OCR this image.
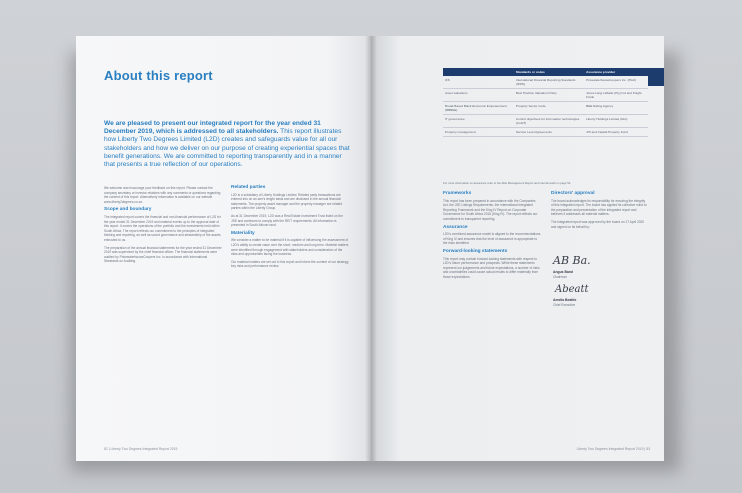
About this report
We are pleased to present our integrated report for the year ended 31 December 2019, which is addressed to all stakeholders. This report illustrates how Liberty Two Degrees Limited (L2D) creates and safeguards value for all our stakeholders and how we deliver on our purpose of creating experiential spaces that benefit generations. We are committed to reporting transparently and in a manner that presents a true reflection of our operations.

We welcome and encourage your feedback on this report. Please contact the company secretary or investor relations with any comments or questions regarding the content of this report. Alternatively information is available on our website www.liberty2degrees.co.za.

Scope and boundary

The integrated report covers the financial and non-financial performance of L2D for the year ended 31 December 2019 and material events up to the approval date of this report. It covers the operations of the portfolio and the investments held within South Africa. The report reflects our commitment to the principles of integrated thinking and reporting, as well as sound governance and stewardship of the assets entrusted to us.

The preparation of the annual financial statements for the year ended 31 December 2019 was supervised by the chief financial officer. The financial statements were audited by PricewaterhouseCoopers Inc. in accordance with International Standards on Auditing.

Related parties

L2D is a subsidiary of Liberty Holdings Limited. Related party transactions are entered into on an arm's length basis and are disclosed in the annual financial statements. The property asset manager and the property manager are related parties within the Liberty Group.

As at 31 December 2019, L2D was a Real Estate Investment Trust listed on the JSE and continues to comply with the REIT requirements. All information is presented in South African rand.

Materiality

We consider a matter to be material if it is capable of influencing the assessment of L2D's ability to create value over the short, medium and long term. Material matters were identified through engagement with stakeholders and consideration of the risks and opportunities facing the business.

Our material matters are set out in this report and inform the content of our strategy, key risks and performance review.

82 | Liberty Two Degrees Integrated Report 2019
	Standards or codes	Assurance provider
IFS	International Financial Reporting Standards (IFRS)	PricewaterhouseCoopers Inc. (PwC)
Asset valuations	Best Practice Valuation Policy	Jones Lang LaSalle (Pty) Ltd and Knight Frank
Broad-Based Black Economic Empowerment (BBBEE)	Property Sector Code	BEE Rating Agency
IT governance	Control objectives for information technologies (CobiT)	Liberty Holdings Limited (GIA)
Property management	Service Level Agreements	JHI and Capital Property Fund
For more information on assurance refer to the Risk Management Report and internal audit on page 52.
Frameworks

This report has been prepared in accordance with the Companies Act, the JSE Listings Requirements, the International Integrated Reporting Framework and the King IV Report on Corporate Governance for South Africa 2016 (King IV). The report reflects our commitment to transparent reporting.

Assurance

L2D's combined assurance model is aligned to the recommendations of King IV and ensures that the level of assurance is appropriate to the risks identified.

Forward-looking statements

This report may contain forward-looking statements with respect to L2D's future performance and prospects. While these statements represent our judgements and future expectations, a number of risks and uncertainties could cause actual results to differ materially from those expectations.

Directors' approval

The board acknowledges its responsibility for ensuring the integrity of this integrated report. The board has applied its collective mind to the preparation and presentation of the integrated report and believes it addresses all material matters.

The integrated report was approved by the board on 17 April 2020 and signed on its behalf by:

AB Ba.
Angus Band
Chairman
Abeatt
Amelia Beattie
Chief Executive
Liberty Two Degrees Integrated Report 2019 | 83
